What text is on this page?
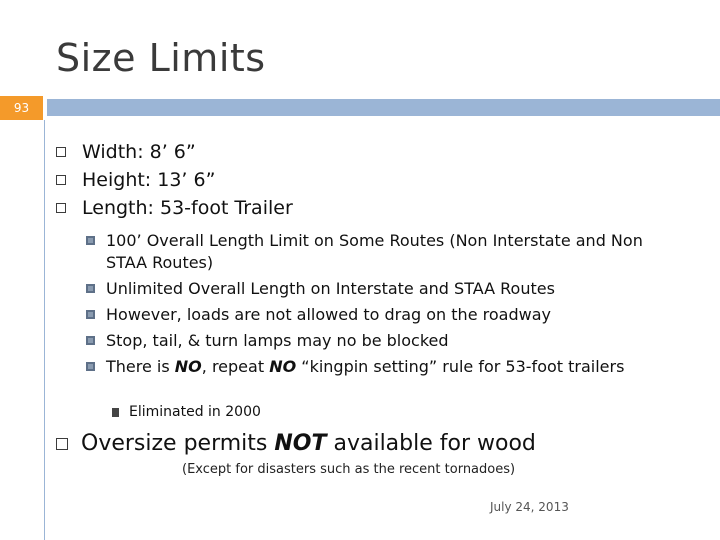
Size Limits
93
Width: 8’ 6”
Height: 13’ 6”
Length: 53-foot Trailer
100’ Overall Length Limit on Some Routes (Non Interstate and Non STAA Routes)
Unlimited Overall Length on Interstate and STAA Routes
However, loads are not allowed to drag on the roadway
Stop, tail, & turn lamps may no be blocked
There is NO, repeat NO “kingpin setting” rule for 53-foot trailers
Eliminated in 2000
Oversize permits NOT available for wood
(Except for disasters such as the recent tornadoes)
July 24, 2013
